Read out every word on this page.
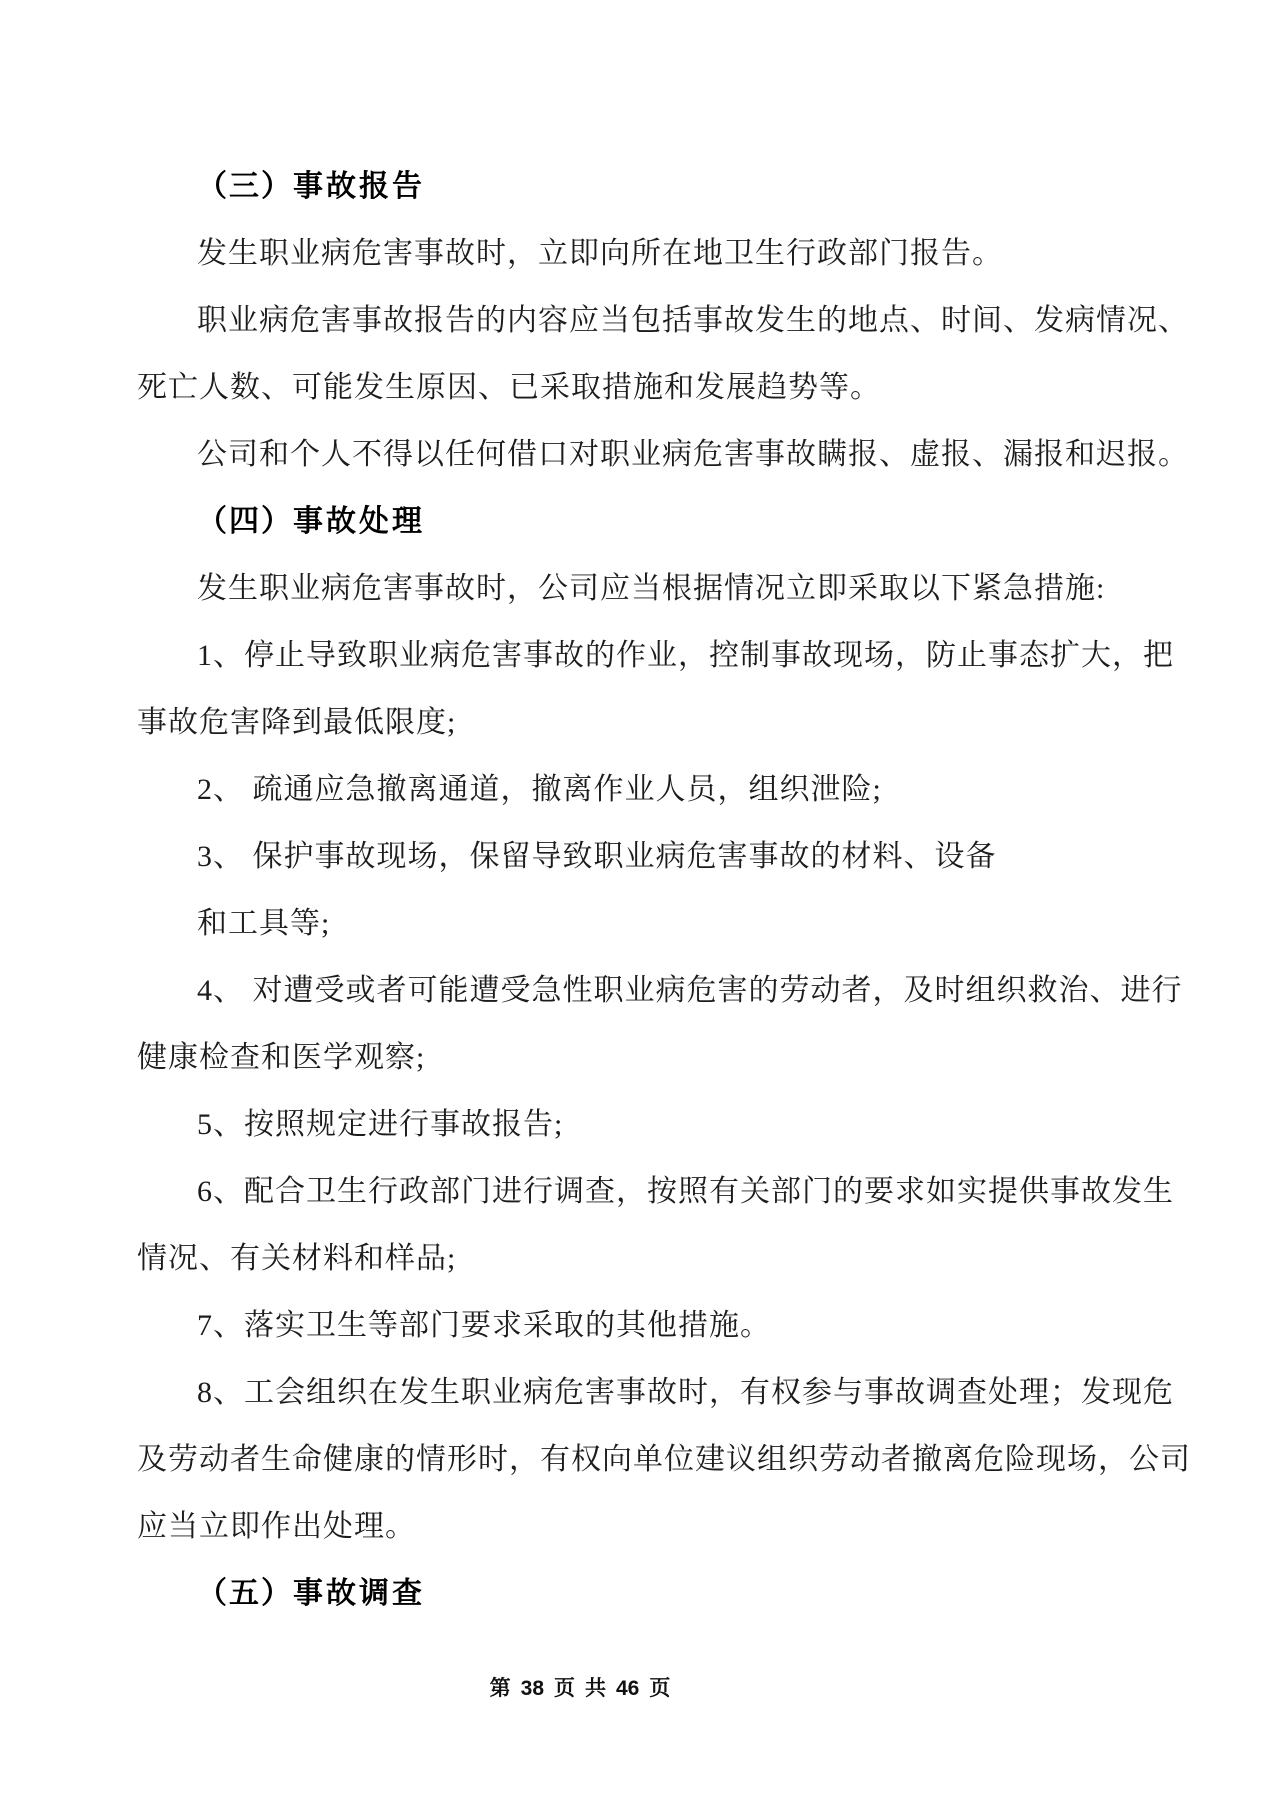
（三）事故报告
发生职业病危害事故时，立即向所在地卫生行政部门报告。
职业病危害事故报告的内容应当包括事故发生的地点、时间、发病情况、
死亡人数、可能发生原因、已采取措施和发展趋势等。
公司和个人不得以任何借口对职业病危害事故瞒报、虚报、漏报和迟报。
（四）事故处理
发生职业病危害事故时，公司应当根据情况立即采取以下紧急措施:
1、停止导致职业病危害事故的作业，控制事故现场，防止事态扩大，把
事故危害降到最低限度;
2、 疏通应急撤离通道，撤离作业人员，组织泄险;
3、 保护事故现场，保留导致职业病危害事故的材料、设备
和工具等;
4、 对遭受或者可能遭受急性职业病危害的劳动者，及时组织救治、进行
健康检查和医学观察;
5、按照规定进行事故报告;
6、配合卫生行政部门进行调查，按照有关部门的要求如实提供事故发生
情况、有关材料和样品;
7、落实卫生等部门要求采取的其他措施。
8、工会组织在发生职业病危害事故时，有权参与事故调查处理；发现危
及劳动者生命健康的情形时，有权向单位建议组织劳动者撤离危险现场，公司
应当立即作出处理。
（五）事故调查
第 38 页 共 46 页
